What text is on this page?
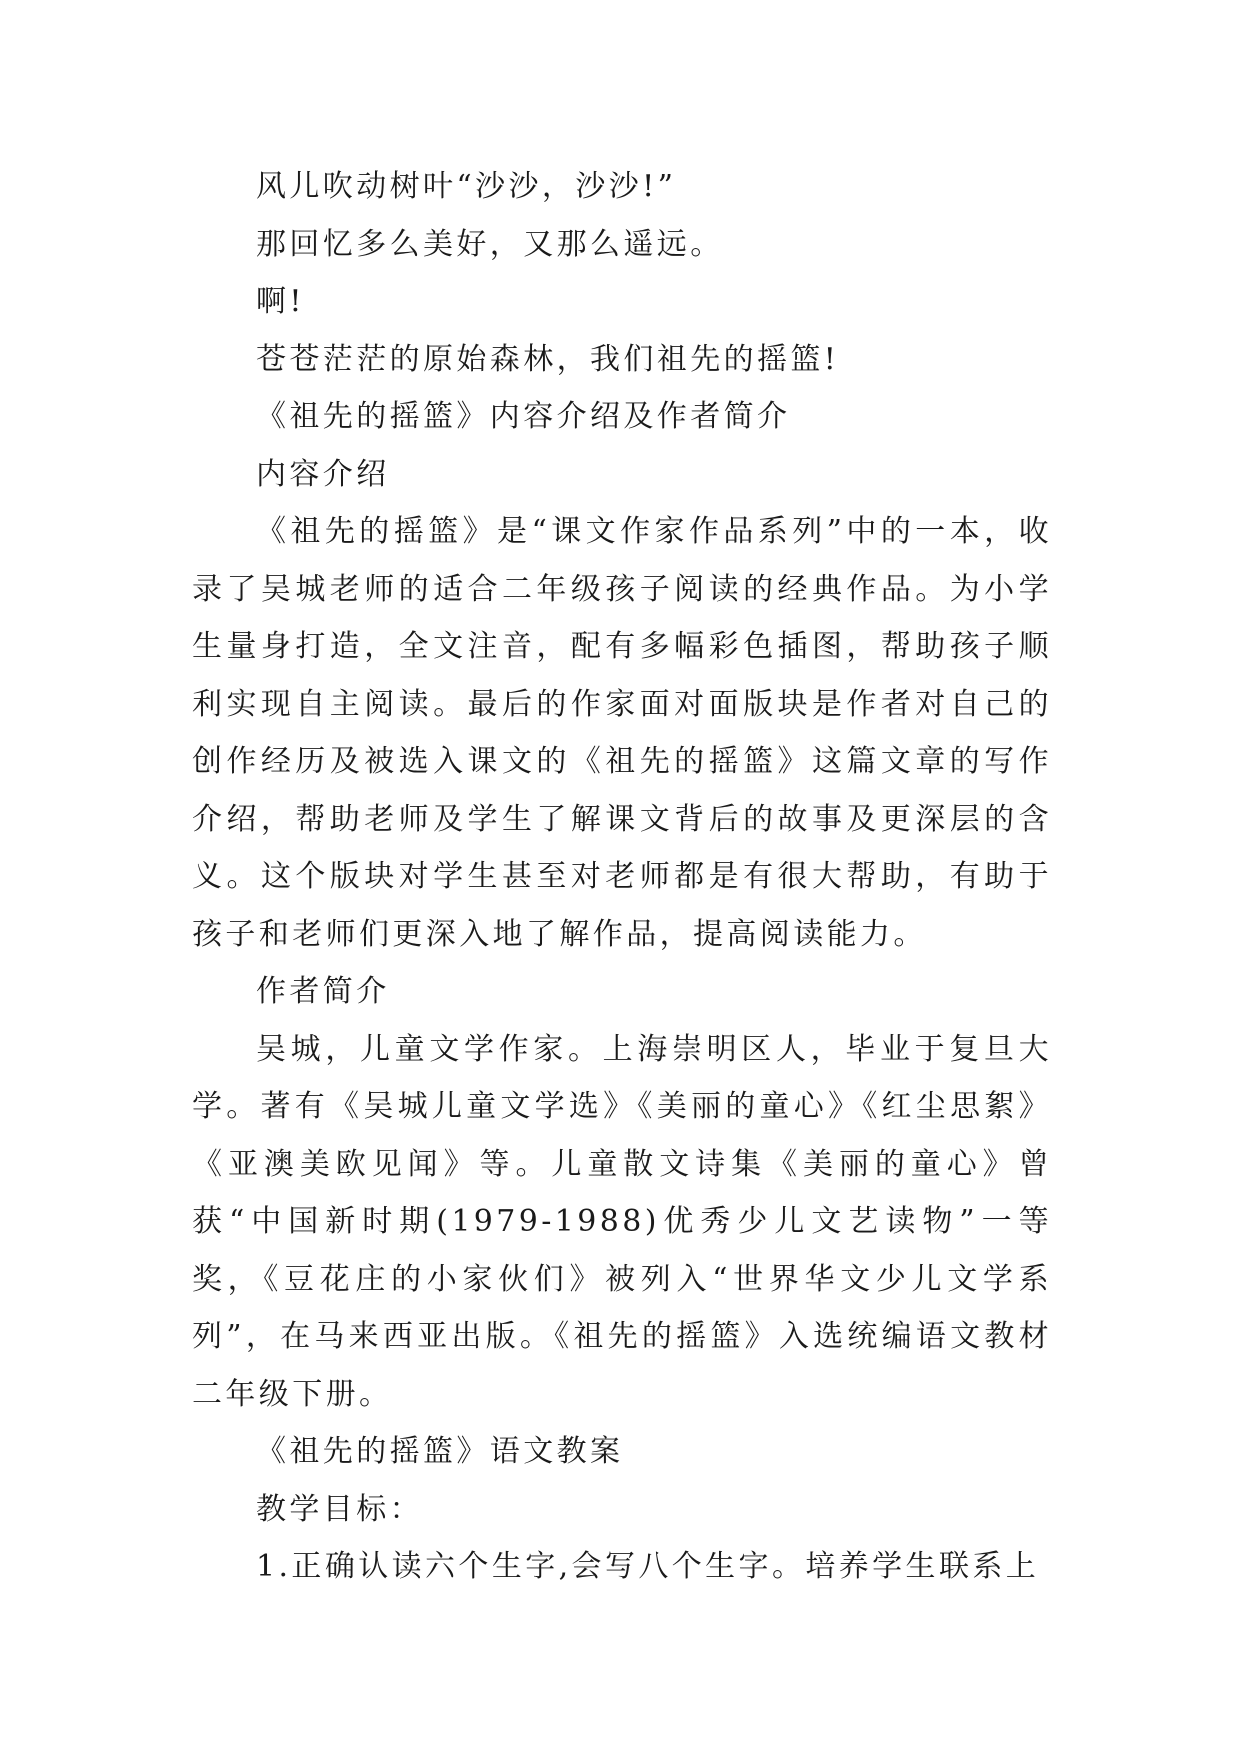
风儿吹动树叶“沙沙，沙沙!”

那回忆多么美好，又那么遥远。

啊!

苍苍茫茫的原始森林，我们祖先的摇篮!

《祖先的摇篮》内容介绍及作者简介

内容介绍

《祖先的摇篮》是“课文作家作品系列”中的一本，收录了吴城老师的适合二年级孩子阅读的经典作品。为小学生量身打造，全文注音，配有多幅彩色插图，帮助孩子顺利实现自主阅读。最后的作家面对面版块是作者对自己的创作经历及被选入课文的《祖先的摇篮》这篇文章的写作介绍，帮助老师及学生了解课文背后的故事及更深层的含义。这个版块对学生甚至对老师都是有很大帮助，有助于孩子和老师们更深入地了解作品，提高阅读能力。

作者简介

吴城，儿童文学作家。上海崇明区人，毕业于复旦大学。著有《吴城儿童文学选》《美丽的童心》《红尘思絮》《亚澳美欧见闻》等。儿童散文诗集《美丽的童心》曾获“中国新时期(1979-1988)优秀少儿文艺读物”一等奖，《豆花庄的小家伙们》被列入“世界华文少儿文学系列”，在马来西亚出版。《祖先的摇篮》入选统编语文教材二年级下册。

《祖先的摇篮》语文教案

教学目标：

1.正确认读六个生字,会写八个生字。培养学生联系上
